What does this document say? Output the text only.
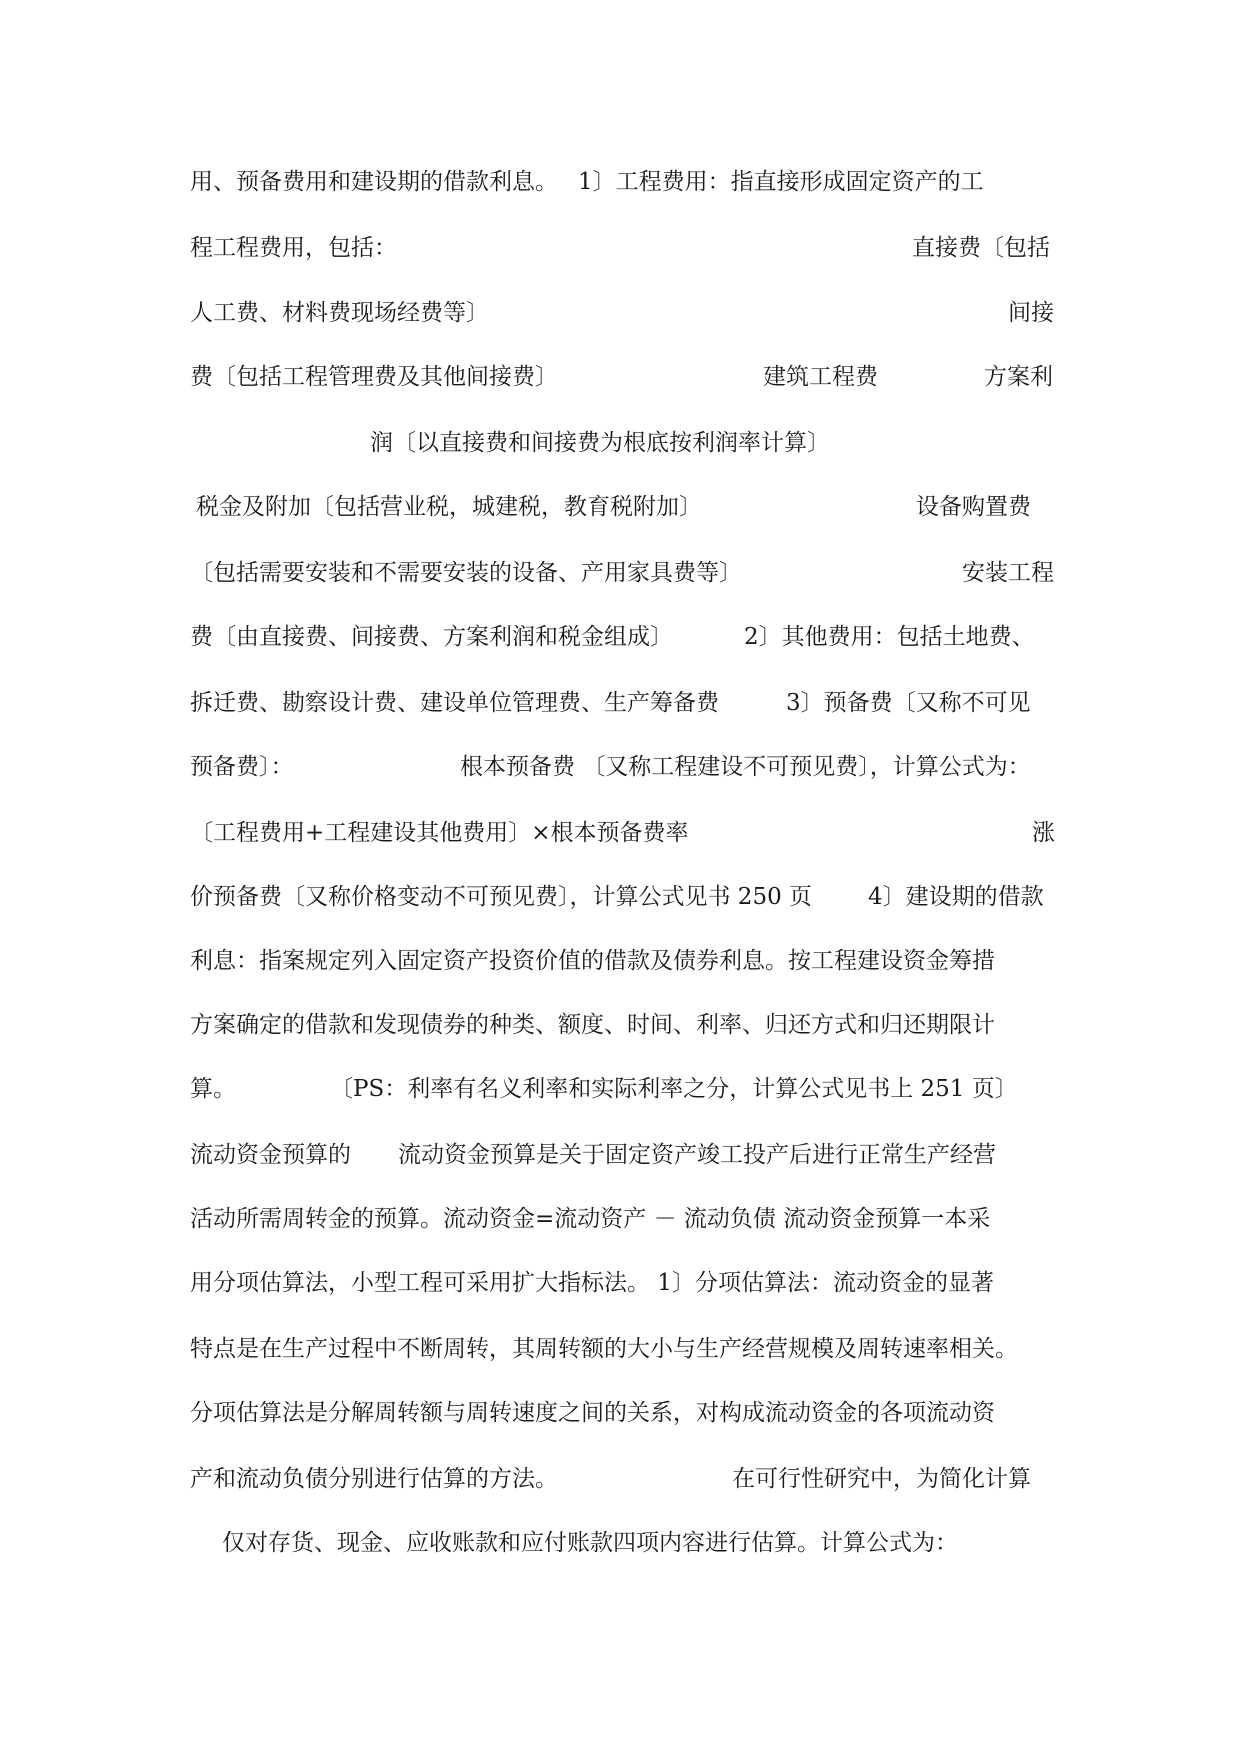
用、预备费用和建设期的借款利息。 1〕工程费用：指直接形成固定资产的工
程工程费用，包括：	直接费〔包括
人工费、材料费现场经费等〕	间接
费〔包括工程管理费及其他间接费〕	建筑工程费	方案利
润〔以直接费和间接费为根底按利润率计算〕
税金及附加〔包括营业税，城建税，教育税附加〕	设备购置费
〔包括需要安装和不需要安装的设备、产用家具费等〕	安装工程
费〔由直接费、间接费、方案利润和税金组成〕	2〕其他费用：包括土地费、
拆迁费、勘察设计费、建设单位管理费、生产筹备费	3〕预备费〔又称不可见
预备费〕：	根本预备费 〔又称工程建设不可预见费〕，计算公式为：
〔工程费用+工程建设其他费用〕×根本预备费率	涨
价预备费〔又称价格变动不可预见费〕，计算公式见书 250 页 4〕建设期的借款
利息：指案规定列入固定资产投资价值的借款及债券利息。按工程建设资金筹措
方案确定的借款和发现债券的种类、额度、时间、利率、归还方式和归还期限计
算。	〔PS：利率有名义利率和实际利率之分，计算公式见书上 251 页〕
流动资金预算的 流动资金预算是关于固定资产竣工投产后进行正常生产经营
活动所需周转金的预算。流动资金=流动资产 － 流动负债 流动资金预算一本采
用分项估算法，小型工程可采用扩大指标法。 1〕分项估算法：流动资金的显著
特点是在生产过程中不断周转，其周转额的大小与生产经营规模及周转速率相关。
分项估算法是分解周转额与周转速度之间的关系，对构成流动资金的各项流动资
产和流动负债分别进行估算的方法。	在可行性研究中，为简化计算
仅对存货、现金、应收账款和应付账款四项内容进行估算。计算公式为：
